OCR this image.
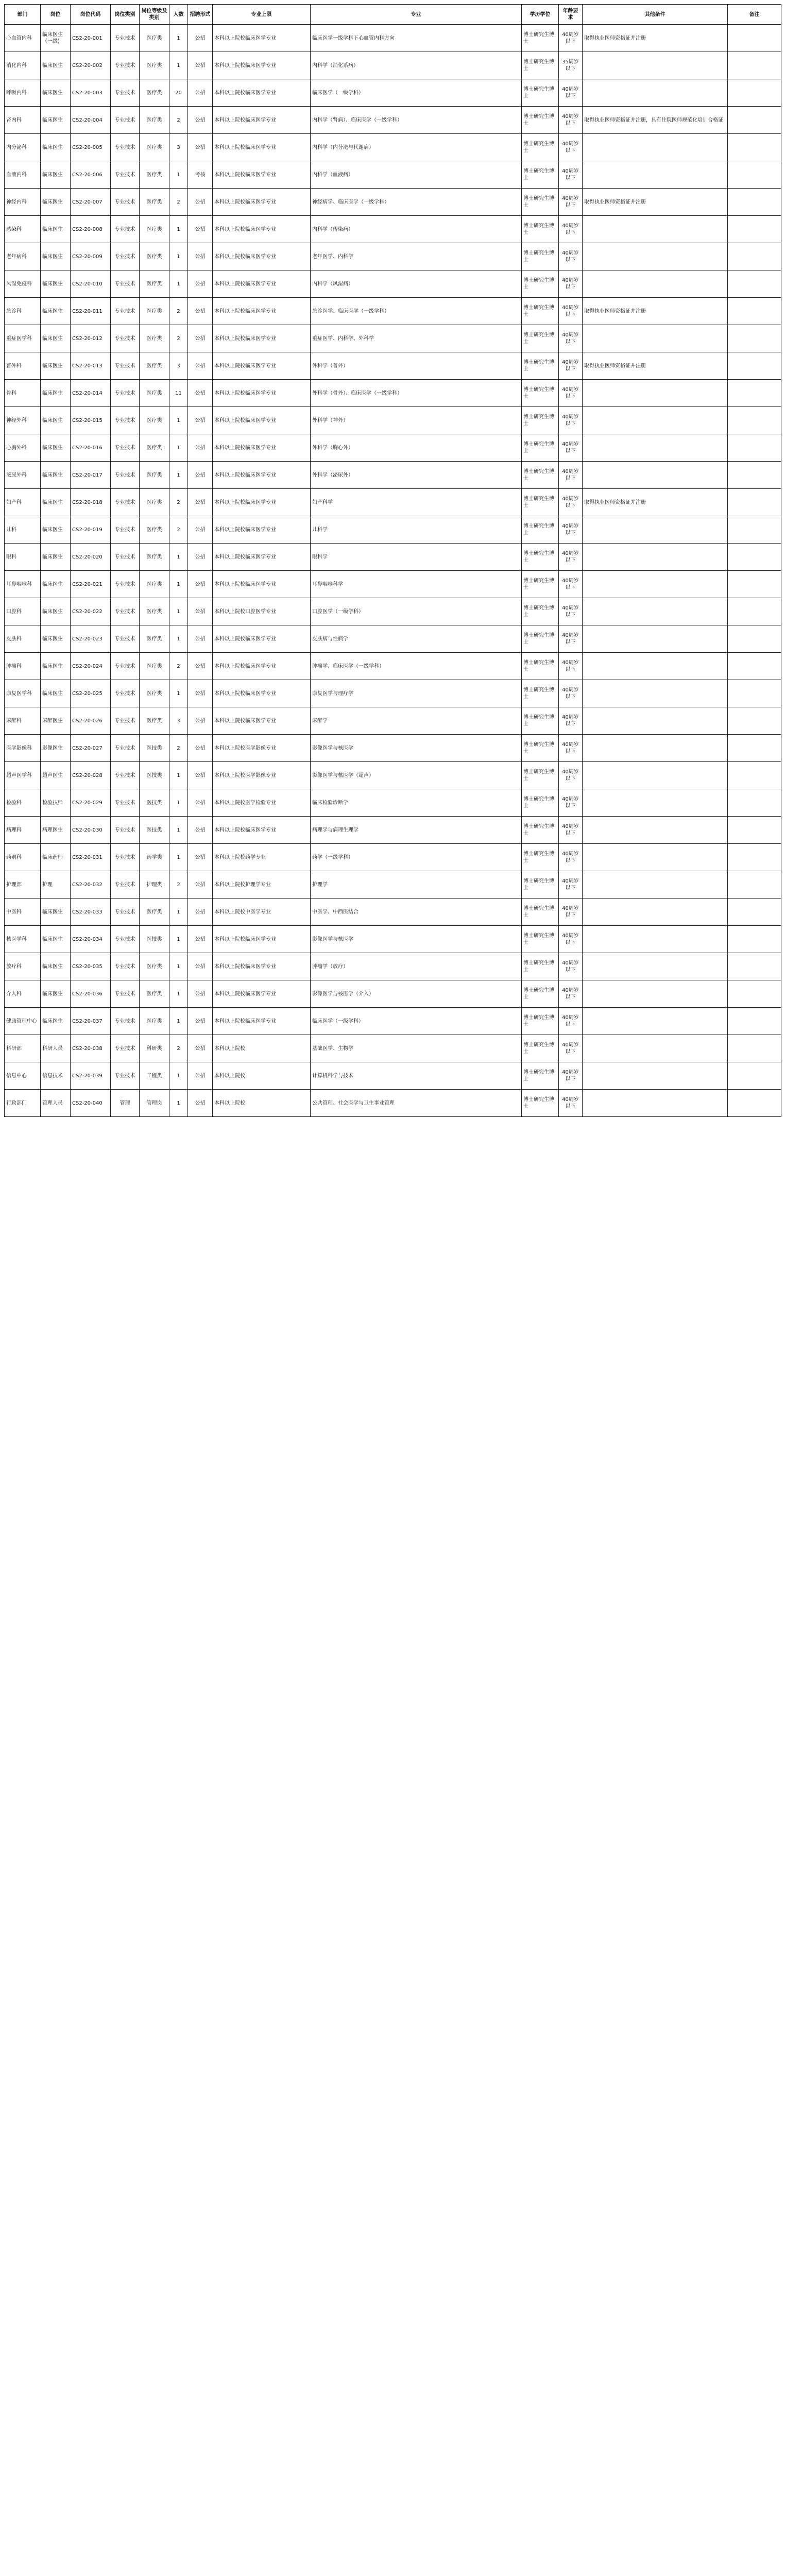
部门	岗位	岗位代码	岗位类别	岗位等级及类别	人数	招聘形式	专业上限	专业	学历学位	年龄要求	其他条件	备注
心血管内科	临床医生（一级)	CS2-20-001	专业技术	医疗类	1	公招	本科以上院校临床医学专业	临床医学一级学科下心血管内科方向	博士研究生博士	40周岁以下	取得执业医师资格证并注册	
消化内科	临床医生	CS2-20-002	专业技术	医疗类	1	公招	本科以上院校临床医学专业	内科学（消化系病）	博士研究生博士	35周岁以下		
呼吸内科	临床医生	CS2-20-003	专业技术	医疗类	20	公招	本科以上院校临床医学专业	临床医学（一级学科）	博士研究生博士	40周岁以下		
肾内科	临床医生	CS2-20-004	专业技术	医疗类	2	公招	本科以上院校临床医学专业	内科学（肾病）、临床医学（一级学科）	博士研究生博士	40周岁以下	取得执业医师资格证并注册，具有住院医师规范化培训合格证	
内分泌科	临床医生	CS2-20-005	专业技术	医疗类	3	公招	本科以上院校临床医学专业	内科学（内分泌与代谢病）	博士研究生博士	40周岁以下		
血液内科	临床医生	CS2-20-006	专业技术	医疗类	1	考核	本科以上院校临床医学专业	内科学（血液病）	博士研究生博士	40周岁以下		
神经内科	临床医生	CS2-20-007	专业技术	医疗类	2	公招	本科以上院校临床医学专业	神经病学、临床医学（一级学科）	博士研究生博士	40周岁以下	取得执业医师资格证并注册	
感染科	临床医生	CS2-20-008	专业技术	医疗类	1	公招	本科以上院校临床医学专业	内科学（传染病）	博士研究生博士	40周岁以下		
老年病科	临床医生	CS2-20-009	专业技术	医疗类	1	公招	本科以上院校临床医学专业	老年医学、内科学	博士研究生博士	40周岁以下		
风湿免疫科	临床医生	CS2-20-010	专业技术	医疗类	1	公招	本科以上院校临床医学专业	内科学（风湿病）	博士研究生博士	40周岁以下		
急诊科	临床医生	CS2-20-011	专业技术	医疗类	2	公招	本科以上院校临床医学专业	急诊医学、临床医学（一级学科）	博士研究生博士	40周岁以下	取得执业医师资格证并注册	
重症医学科	临床医生	CS2-20-012	专业技术	医疗类	2	公招	本科以上院校临床医学专业	重症医学、内科学、外科学	博士研究生博士	40周岁以下		
普外科	临床医生	CS2-20-013	专业技术	医疗类	3	公招	本科以上院校临床医学专业	外科学（普外）	博士研究生博士	40周岁以下	取得执业医师资格证并注册	
骨科	临床医生	CS2-20-014	专业技术	医疗类	11	公招	本科以上院校临床医学专业	外科学（骨外）、临床医学（一级学科）	博士研究生博士	40周岁以下		
神经外科	临床医生	CS2-20-015	专业技术	医疗类	1	公招	本科以上院校临床医学专业	外科学（神外）	博士研究生博士	40周岁以下		
心胸外科	临床医生	CS2-20-016	专业技术	医疗类	1	公招	本科以上院校临床医学专业	外科学（胸心外）	博士研究生博士	40周岁以下		
泌尿外科	临床医生	CS2-20-017	专业技术	医疗类	1	公招	本科以上院校临床医学专业	外科学（泌尿外）	博士研究生博士	40周岁以下		
妇产科	临床医生	CS2-20-018	专业技术	医疗类	2	公招	本科以上院校临床医学专业	妇产科学	博士研究生博士	40周岁以下	取得执业医师资格证并注册	
儿科	临床医生	CS2-20-019	专业技术	医疗类	2	公招	本科以上院校临床医学专业	儿科学	博士研究生博士	40周岁以下		
眼科	临床医生	CS2-20-020	专业技术	医疗类	1	公招	本科以上院校临床医学专业	眼科学	博士研究生博士	40周岁以下		
耳鼻咽喉科	临床医生	CS2-20-021	专业技术	医疗类	1	公招	本科以上院校临床医学专业	耳鼻咽喉科学	博士研究生博士	40周岁以下		
口腔科	临床医生	CS2-20-022	专业技术	医疗类	1	公招	本科以上院校口腔医学专业	口腔医学（一级学科）	博士研究生博士	40周岁以下		
皮肤科	临床医生	CS2-20-023	专业技术	医疗类	1	公招	本科以上院校临床医学专业	皮肤病与性病学	博士研究生博士	40周岁以下		
肿瘤科	临床医生	CS2-20-024	专业技术	医疗类	2	公招	本科以上院校临床医学专业	肿瘤学、临床医学（一级学科）	博士研究生博士	40周岁以下		
康复医学科	临床医生	CS2-20-025	专业技术	医疗类	1	公招	本科以上院校临床医学专业	康复医学与理疗学	博士研究生博士	40周岁以下		
麻醉科	麻醉医生	CS2-20-026	专业技术	医疗类	3	公招	本科以上院校临床医学专业	麻醉学	博士研究生博士	40周岁以下		
医学影像科	影像医生	CS2-20-027	专业技术	医技类	2	公招	本科以上院校医学影像专业	影像医学与核医学	博士研究生博士	40周岁以下		
超声医学科	超声医生	CS2-20-028	专业技术	医技类	1	公招	本科以上院校医学影像专业	影像医学与核医学（超声）	博士研究生博士	40周岁以下		
检验科	检验技师	CS2-20-029	专业技术	医技类	1	公招	本科以上院校医学检验专业	临床检验诊断学	博士研究生博士	40周岁以下		
病理科	病理医生	CS2-20-030	专业技术	医技类	1	公招	本科以上院校临床医学专业	病理学与病理生理学	博士研究生博士	40周岁以下		
药剂科	临床药师	CS2-20-031	专业技术	药学类	1	公招	本科以上院校药学专业	药学（一级学科）	博士研究生博士	40周岁以下		
护理部	护理	CS2-20-032	专业技术	护理类	2	公招	本科以上院校护理学专业	护理学	博士研究生博士	40周岁以下		
中医科	临床医生	CS2-20-033	专业技术	医疗类	1	公招	本科以上院校中医学专业	中医学、中西医结合	博士研究生博士	40周岁以下		
核医学科	临床医生	CS2-20-034	专业技术	医技类	1	公招	本科以上院校临床医学专业	影像医学与核医学	博士研究生博士	40周岁以下		
放疗科	临床医生	CS2-20-035	专业技术	医疗类	1	公招	本科以上院校临床医学专业	肿瘤学（放疗）	博士研究生博士	40周岁以下		
介入科	临床医生	CS2-20-036	专业技术	医疗类	1	公招	本科以上院校临床医学专业	影像医学与核医学（介入）	博士研究生博士	40周岁以下		
健康管理中心	临床医生	CS2-20-037	专业技术	医疗类	1	公招	本科以上院校临床医学专业	临床医学（一级学科）	博士研究生博士	40周岁以下		
科研部	科研人员	CS2-20-038	专业技术	科研类	2	公招	本科以上院校	基础医学、生物学	博士研究生博士	40周岁以下		
信息中心	信息技术	CS2-20-039	专业技术	工程类	1	公招	本科以上院校	计算机科学与技术	博士研究生博士	40周岁以下		
行政部门	管理人员	CS2-20-040	管理	管理岗	1	公招	本科以上院校	公共管理、社会医学与卫生事业管理	博士研究生博士	40周岁以下		
